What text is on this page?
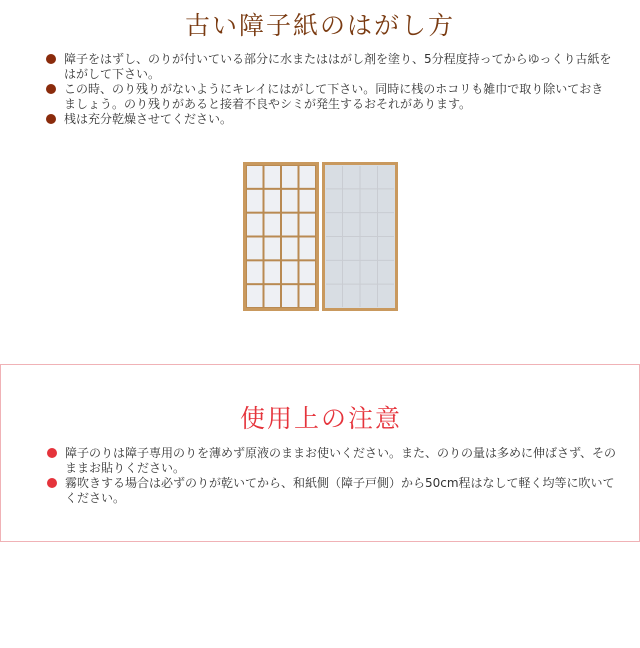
古い障子紙のはがし方
障子をはずし、のりが付いている部分に水またははがし剤を塗り、5分程度持ってからゆっくり古紙をはがして下さい。
この時、のり残りがないようにキレイにはがして下さい。同時に桟のホコリも雑巾で取り除いておきましょう。のり残りがあると接着不良やシミが発生するおそれがあります。
桟は充分乾燥させてください。
使用上の注意
障子のりは障子専用のりを薄めず原液のままお使いください。また、のりの量は多めに伸ばさず、そのままお貼りください。
霧吹きする場合は必ずのりが乾いてから、和紙側（障子戸側）から50cm程はなして軽く均等に吹いてください。
